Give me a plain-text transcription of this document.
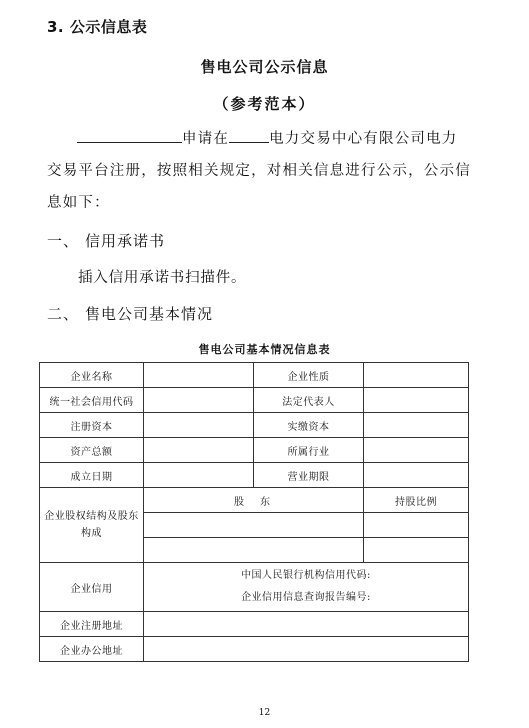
3. 公示信息表
售电公司公示信息
（参考范本）
申请在	电力交易中心有限公司电力
交易平台注册，按照相关规定，对相关信息进行公示，公示信
息如下：
一、 信用承诺书
插入信用承诺书扫描件。
二、 售电公司基本情况
售电公司基本情况信息表
企业名称		企业性质	
统一社会信用代码		法定代表人	
注册资本		实缴资本	
资产总额		所属行业	
成立日期		营业期限	
企业股权结构及股东构成	股　东		持股比例

企业信用	中国人民银行机构信用代码:
企业信用信息查询报告编号:		

企业注册地址			
企业办公地址			
12
